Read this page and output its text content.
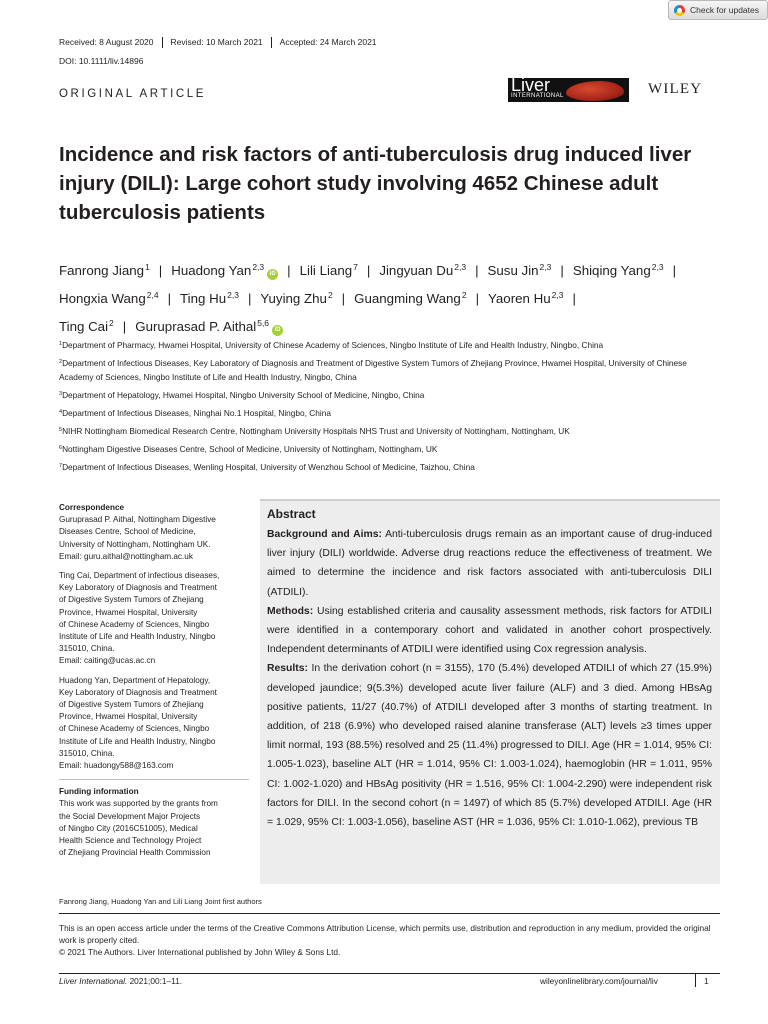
Check for updates
Received: 8 August 2020	Revised: 10 March 2021	Accepted: 24 March 2021
DOI: 10.1111/liv.14896
ORIGINAL ARTICLE	Liver
INTERNATIONAL	WILEY
Incidence and risk factors of anti-tuberculosis drug induced liver injury (DILI): Large cohort study involving 4652 Chinese adult tuberculosis patients
Fanrong Jiang$^1$ | Huadong Yan$^{2,3}$iD | Lili Liang$^7$ | Jingyuan Du$^{2,3}$ | Susu Jin$^{2,3}$ | Shiqing Yang$^{2,3}$ |
Hongxia Wang$^{2,4}$ | Ting Hu$^{2,3}$ | Yuying Zhu$^2$ | Guangming Wang$^2$ | Yaoren Hu$^{2,3}$ |
Ting Cai$^2$ | Guruprasad P. Aithal$^{5,6}$iD

$^1$Department of Pharmacy, Hwamei Hospital, University of Chinese Academy of Sciences, Ningbo Institute of Life and Health Industry, Ningbo, China

$^2$Department of Infectious Diseases, Key Laboratory of Diagnosis and Treatment of Digestive System Tumors of Zhejiang Province, Hwamei Hospital, University of Chinese Academy of Sciences, Ningbo Institute of Life and Health Industry, Ningbo, China

$^3$Department of Hepatology, Hwamei Hospital, Ningbo University School of Medicine, Ningbo, China

$^4$Department of Infectious Diseases, Ninghai No.1 Hospital, Ningbo, China

$^5$NIHR Nottingham Biomedical Research Centre, Nottingham University Hospitals NHS Trust and University of Nottingham, Nottingham, UK

$^6$Nottingham Digestive Diseases Centre, School of Medicine, University of Nottingham, Nottingham, UK

$^7$Department of Infectious Diseases, Wenling Hospital, University of Wenzhou School of Medicine, Taizhou, China

Correspondence
Guruprasad P. Aithal, Nottingham Digestive
Diseases Centre, School of Medicine,
University of Nottingham, Nottingham UK.
Email: guru.aithal@nottingham.ac.uk
Ting Cai, Department of infectious diseases,
Key Laboratory of Diagnosis and Treatment
of Digestive System Tumors of Zhejiang
Province, Hwamei Hospital, University
of Chinese Academy of Sciences, Ningbo
Institute of Life and Health Industry, Ningbo
315010, China.
Email: caiting@ucas.ac.cn
Huadong Yan, Department of Hepatology,
Key Laboratory of Diagnosis and Treatment
of Digestive System Tumors of Zhejiang
Province, Hwamei Hospital, University
of Chinese Academy of Sciences, Ningbo
Institute of Life and Health Industry, Ningbo
315010, China.
Email: huadongy588@163.com
Funding information
This work was supported by the grants from
the Social Development Major Projects
of Ningbo City (2016C51005), Medical
Health Science and Technology Project
of Zhejiang Provincial Health Commission
Abstract

Background and Aims: Anti-tuberculosis drugs remain as an important cause of drug-induced liver injury (DILI) worldwide. Adverse drug reactions reduce the effectiveness of treatment. We aimed to determine the incidence and risk factors associated with anti-tuberculosis DILI (ATDILI).

Methods: Using established criteria and causality assessment methods, risk factors for ATDILI were identified in a contemporary cohort and validated in another cohort prospectively. Independent determinants of ATDILI were identified using Cox regression analysis.

Results: In the derivation cohort (n = 3155), 170 (5.4%) developed ATDILI of which 27 (15.9%) developed jaundice; 9(5.3%) developed acute liver failure (ALF) and 3 died. Among HBsAg positive patients, 11/27 (40.7%) of ATDILI developed after 3 months of starting treatment. In addition, of 218 (6.9%) who developed raised alanine transferase (ALT) levels ≥3 times upper limit normal, 193 (88.5%) resolved and 25 (11.4%) progressed to DILI. Age (HR = 1.014, 95% CI: 1.005-1.023), baseline ALT (HR = 1.014, 95% CI: 1.003-1.024), haemoglobin (HR = 1.011, 95% CI: 1.002-1.020) and HBsAg positivity (HR = 1.516, 95% CI: 1.004-2.290) were independent risk factors for DILI. In the second cohort (n = 1497) of which 85 (5.7%) developed ATDILI. Age (HR = 1.029, 95% CI: 1.003-1.056), baseline AST (HR = 1.036, 95% CI: 1.010-1.062), previous TB

Fanrong Jiang, Huadong Yan and Lili Liang Joint first authors
This is an open access article under the terms of the Creative Commons Attribution License, which permits use, distribution and reproduction in any medium, provided the original work is properly cited.
© 2021 The Authors. Liver International published by John Wiley & Sons Ltd.
Liver International. 2021;00:1–11.	wileyonlinelibrary.com/journal/liv	1
